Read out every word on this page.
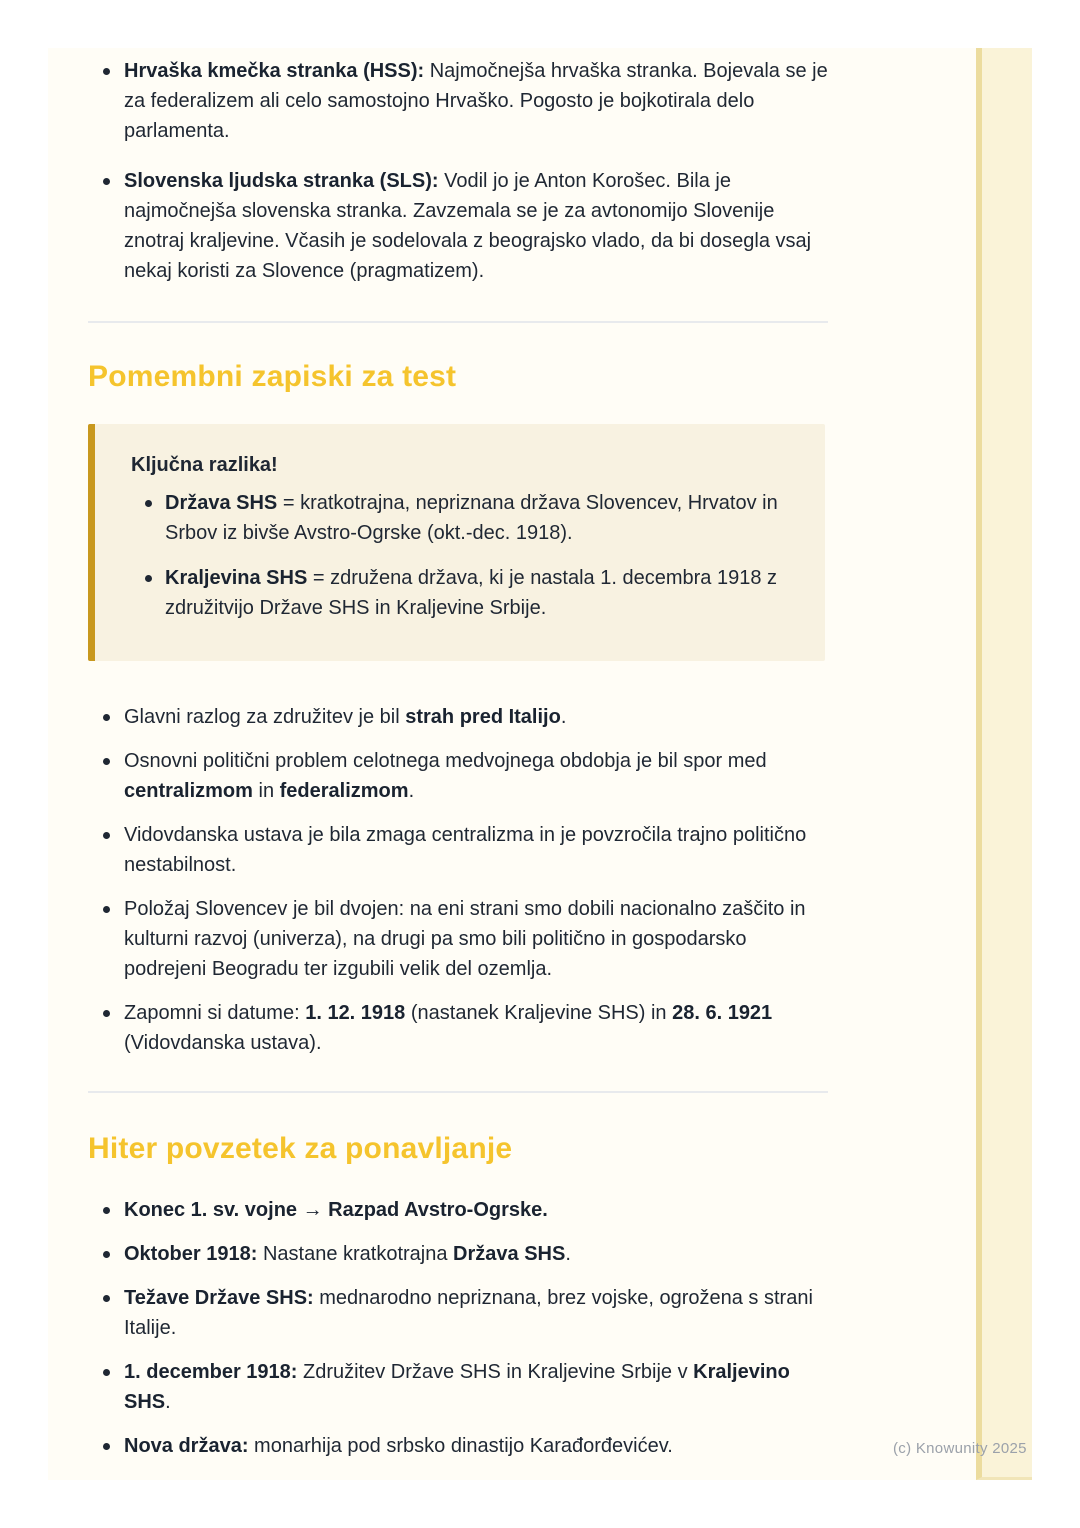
Hrvaška kmečka stranka (HSS): Najmočnejša hrvaška stranka. Bojevala se je za federalizem ali celo samostojno Hrvaško. Pogosto je bojkotirala delo parlamenta.
Slovenska ljudska stranka (SLS): Vodil jo je Anton Korošec. Bila je najmočnejša slovenska stranka. Zavzemala se je za avtonomijo Slovenije znotraj kraljevine. Včasih je sodelovala z beograjsko vlado, da bi dosegla vsaj nekaj koristi za Slovence (pragmatizem).
Pomembni zapiski za test

Ključna razlika!

Država SHS = kratkotrajna, nepriznana država Slovencev, Hrvatov in Srbov iz bivše Avstro-Ogrske (okt.-dec. 1918).
Kraljevina SHS = združena država, ki je nastala 1. decembra 1918 z združitvijo Države SHS in Kraljevine Srbije.
Glavni razlog za združitev je bil strah pred Italijo.
Osnovni politični problem celotnega medvojnega obdobja je bil spor med centralizmom in federalizmom.
Vidovdanska ustava je bila zmaga centralizma in je povzročila trajno politično nestabilnost.
Položaj Slovencev je bil dvojen: na eni strani smo dobili nacionalno zaščito in kulturni razvoj (univerza), na drugi pa smo bili politično in gospodarsko podrejeni Beogradu ter izgubili velik del ozemlja.
Zapomni si datume: 1. 12. 1918 (nastanek Kraljevine SHS) in 28. 6. 1921 (Vidovdanska ustava).
Hiter povzetek za ponavljanje
Konec 1. sv. vojne → Razpad Avstro-Ogrske.
Oktober 1918: Nastane kratkotrajna Država SHS.
Težave Države SHS: mednarodno nepriznana, brez vojske, ogrožena s strani Italije.
1. december 1918: Združitev Države SHS in Kraljevine Srbije v Kraljevino SHS.
Nova država: monarhija pod srbsko dinastijo Karađorđevićev.	(c) Knowunity 2025
